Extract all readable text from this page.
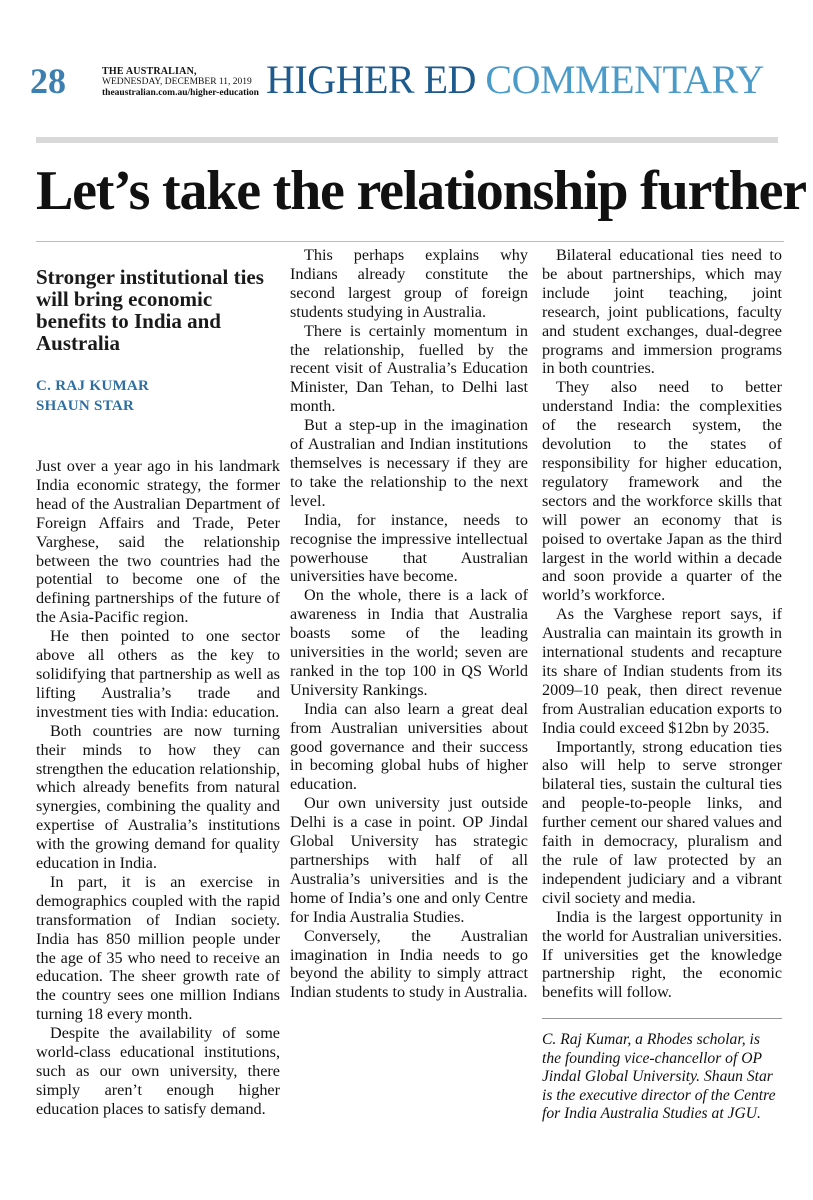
28	THE AUSTRALIAN,
WEDNESDAY, DECEMBER 11, 2019
theaustralian.com.au/higher-education HIGHER ED COMMENTARY
Let’s take the relationship further
Stronger institutional ties will bring economic benefits to India and Australia
C. RAJ KUMAR
SHAUN STAR

Just over a year ago in his landmark India economic strategy, the former head of the Australian Department of Foreign Affairs and Trade, Peter Varghese, said the relationship between the two countries had the potential to become one of the defining partnerships of the future of the Asia-Pacific region.

He then pointed to one sector above all others as the key to solidifying that partnership as well as lifting Australia’s trade and investment ties with India: education.

Both countries are now turning their minds to how they can strengthen the education relationship, which already benefits from natural synergies, combining the quality and expertise of Australia’s institutions with the growing demand for quality education in India.

In part, it is an exercise in demographics coupled with the rapid transformation of Indian society. India has 850 million people under the age of 35 who need to receive an education. The sheer growth rate of the country sees one million Indians turning 18 every month.

Despite the availability of some world-class educational institutions, such as our own university, there simply aren’t enough higher education places to satisfy demand.

This perhaps explains why Indians already constitute the second largest group of foreign students studying in Australia.

There is certainly momentum in the relationship, fuelled by the recent visit of Australia’s Education Minister, Dan Tehan, to Delhi last month.

But a step-up in the imagination of Australian and Indian institutions themselves is necessary if they are to take the relationship to the next level.

India, for instance, needs to recognise the impressive intellectual powerhouse that Australian universities have become.

On the whole, there is a lack of awareness in India that Australia boasts some of the leading universities in the world; seven are ranked in the top 100 in QS World University Rankings.

India can also learn a great deal from Australian universities about good governance and their success in becoming global hubs of higher education.

Our own university just outside Delhi is a case in point. OP Jindal Global University has strategic partnerships with half of all Australia’s universities and is the home of India’s one and only Centre for India Australia Studies.

Conversely, the Australian imagination in India needs to go beyond the ability to simply attract Indian students to study in Australia.

Bilateral educational ties need to be about partnerships, which may include joint teaching, joint research, joint publications, faculty and student exchanges, dual-degree programs and immersion programs in both countries.

They also need to better understand India: the complexities of the research system, the devolution to the states of responsibility for higher education, regulatory framework and the sectors and the workforce skills that will power an economy that is poised to overtake Japan as the third largest in the world within a decade and soon provide a quarter of the world’s workforce.

As the Varghese report says, if Australia can maintain its growth in international students and recapture its share of Indian students from its 2009–10 peak, then direct revenue from Australian education exports to India could exceed $12bn by 2035.

Importantly, strong education ties also will help to serve stronger bilateral ties, sustain the cultural ties and people-to-people links, and further cement our shared values and faith in democracy, pluralism and the rule of law protected by an independent judiciary and a vibrant civil society and media.

India is the largest opportunity in the world for Australian universities. If universities get the knowledge partnership right, the economic benefits will follow.

C. Raj Kumar, a Rhodes scholar, is the founding vice-chancellor of OP Jindal Global University. Shaun Star is the executive director of the Centre for India Australia Studies at JGU.
